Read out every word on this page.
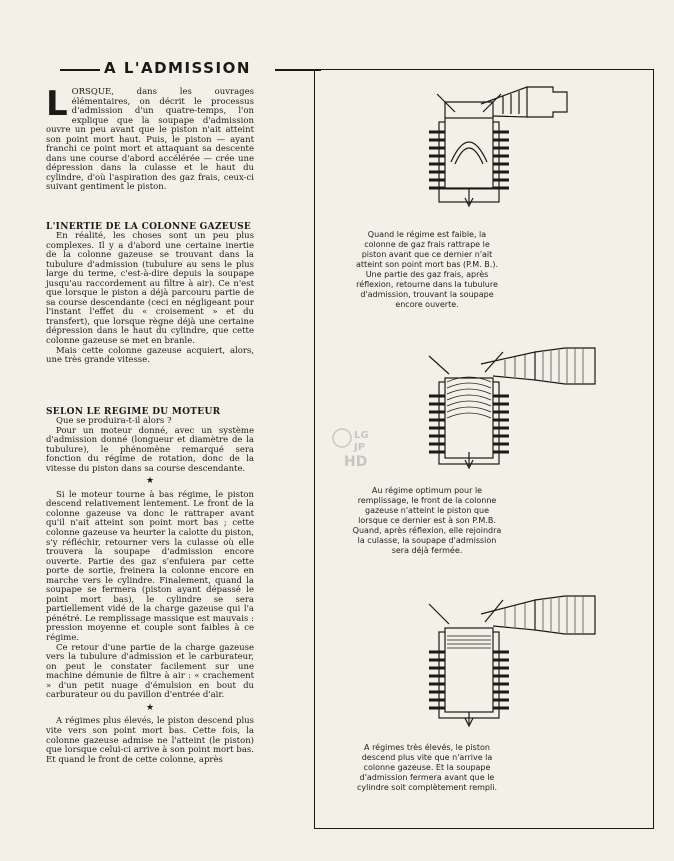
A L'ADMISSION
L ORSQUE, dans les ouvrages élémentaires, on décrit le processus d'admission d'un quatre-temps, l'on explique que la soupape d'admission ouvre un peu avant que le piston n'ait atteint son point mort haut. Puis, le piston — ayant franchi ce point mort et attaquant sa descente dans une course d'abord accélérée — crée une dépression dans la culasse et le haut du cylindre, d'où l'aspiration des gaz frais, ceux-ci suivant gentiment le piston.

L'INERTIE DE LA COLONNE GAZEUSE

En réalité, les choses sont un peu plus complexes. Il y a d'abord une certaine inertie de la colonne gazeuse se trouvant dans la tubulure d'admission (tubulure au sens le plus large du terme, c'est-à-dire depuis la soupape jusqu'au raccordement au filtre à air). Ce n'est que lorsque le piston a déjà parcouru partie de sa course descendante (ceci en négligeant pour l'instant l'effet du « croisement » et du transfert), que lorsque règne déjà une certaine dépression dans le haut du cylindre, que cette colonne gazeuse se met en branle.

Mais cette colonne gazeuse acquiert, alors, une très grande vitesse.

SELON LE REGIME DU MOTEUR

Que se produira-t-il alors ?

Pour un moteur donné, avec un système d'admission donné (longueur et diamètre de la tubulure), le phénomène remarqué sera fonction du régime de rotation, donc de la vitesse du piston dans sa course descendante.

★

Si le moteur tourne à bas régime, le piston descend relativement lentement. Le front de la colonne gazeuse va donc le rattraper avant qu'il n'ait atteint son point mort bas ; cette colonne gazeuse va heurter la calotte du piston, s'y réfléchir, retourner vers la culasse où elle trouvera la soupape d'admission encore ouverte. Partie des gaz s'enfuiera par cette porte de sortie, freinera la colonne encore en marche vers le cylindre. Finalement, quand la soupape se fermera (piston ayant dépassé le point mort bas), le cylindre se sera partiellement vidé de la charge gazeuse qui l'a pénétré. Le remplissage massique est mauvais : pression moyenne et couple sont faibles à ce régime.

Ce retour d'une partie de la charge gazeuse vers la tubulure d'admission et le carburateur, on peut le constater facilement sur une machine démunie de filtre à air : « crachement » d'un petit nuage d'émulsion en bout du carburateur ou du pavillon d'entrée d'air.

★

A régimes plus élevés, le piston descend plus vite vers son point mort bas. Cette fois, la colonne gazeuse admise ne l'atteint (le piston) que lorsque celui-ci arrive à son point mort bas. Et quand le front de cette colonne, après

Quand le régime est faible, la colonne de gaz frais rattrape le piston avant que ce dernier n'ait atteint son point mort bas (P.M. B.). Une partie des gaz frais, après réflexion, retourne dans la tubulure d'admission, trouvant la soupape encore ouverte.
Au régime optimum pour le remplissage, le front de la colonne gazeuse n'atteint le piston que lorsque ce dernier est à son P.M.B. Quand, après réflexion, elle rejoindra la culasse, la soupape d'admission sera déjà fermée.
A régimes très élevés, le piston descend plus vite que n'arrive la colonne gazeuse. Et la soupape d'admission fermera avant que le cylindre soit complètement rempli.
LG
JP
HD
